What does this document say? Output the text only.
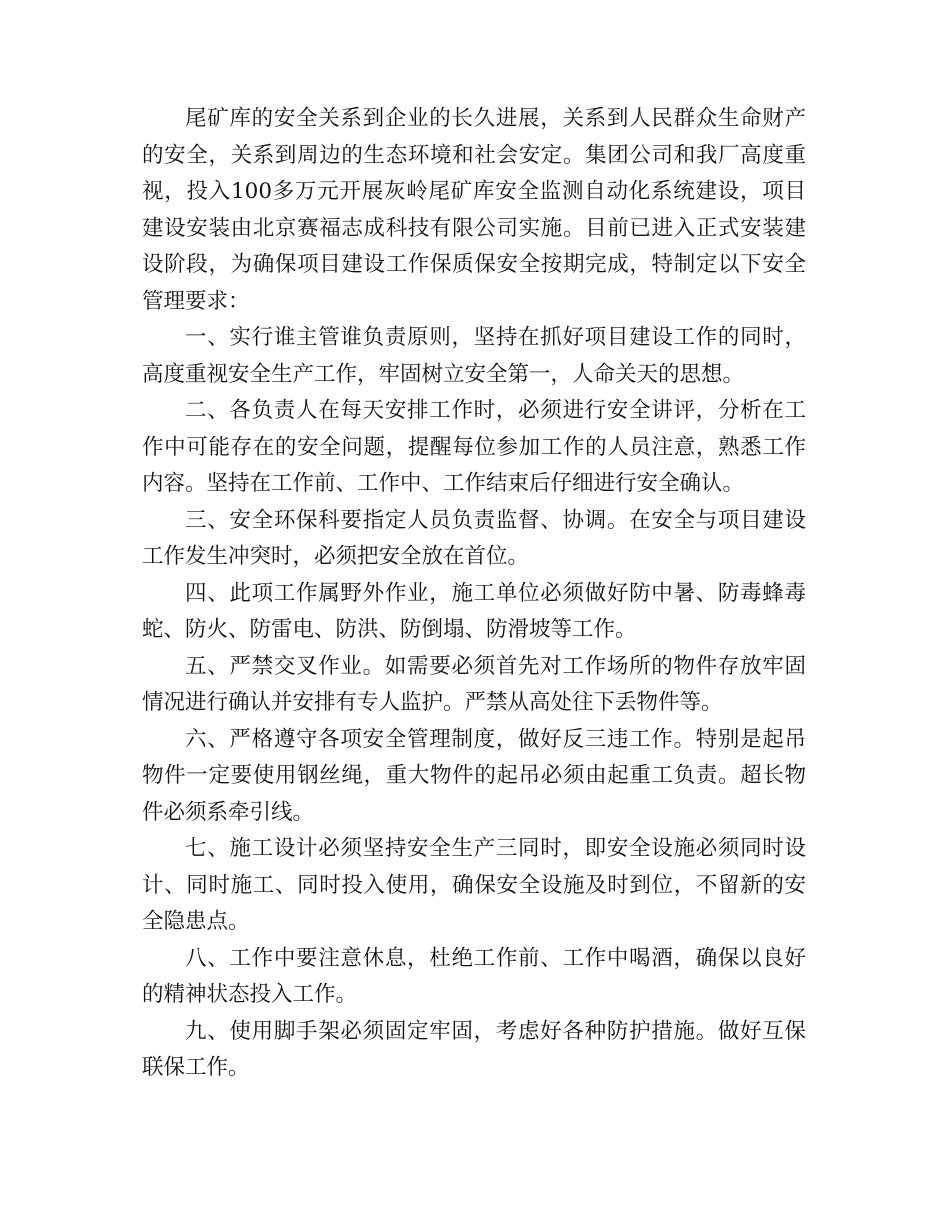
尾矿库的安全关系到企业的长久进展，关系到人民群众生命财产的安全，关系到周边的生态环境和社会安定。集团公司和我厂高度重视，投入100多万元开展灰岭尾矿库安全监测自动化系统建设，项目建设安装由北京赛福志成科技有限公司实施。目前已进入正式安装建设阶段，为确保项目建设工作保质保安全按期完成，特制定以下安全管理要求：

一、实行谁主管谁负责原则，坚持在抓好项目建设工作的同时，高度重视安全生产工作，牢固树立安全第一，人命关天的思想。

二、各负责人在每天安排工作时，必须进行安全讲评，分析在工作中可能存在的安全问题，提醒每位参加工作的人员注意，熟悉工作内容。坚持在工作前、工作中、工作结束后仔细进行安全确认。

三、安全环保科要指定人员负责监督、协调。在安全与项目建设工作发生冲突时，必须把安全放在首位。

四、此项工作属野外作业，施工单位必须做好防中暑、防毒蜂毒蛇、防火、防雷电、防洪、防倒塌、防滑坡等工作。

五、严禁交叉作业。如需要必须首先对工作场所的物件存放牢固情况进行确认并安排有专人监护。严禁从高处往下丢物件等。

六、严格遵守各项安全管理制度，做好反三违工作。特别是起吊物件一定要使用钢丝绳，重大物件的起吊必须由起重工负责。超长物件必须系牵引线。

七、施工设计必须坚持安全生产三同时，即安全设施必须同时设计、同时施工、同时投入使用，确保安全设施及时到位，不留新的安全隐患点。

八、工作中要注意休息，杜绝工作前、工作中喝酒，确保以良好的精神状态投入工作。

九、使用脚手架必须固定牢固，考虑好各种防护措施。做好互保联保工作。
